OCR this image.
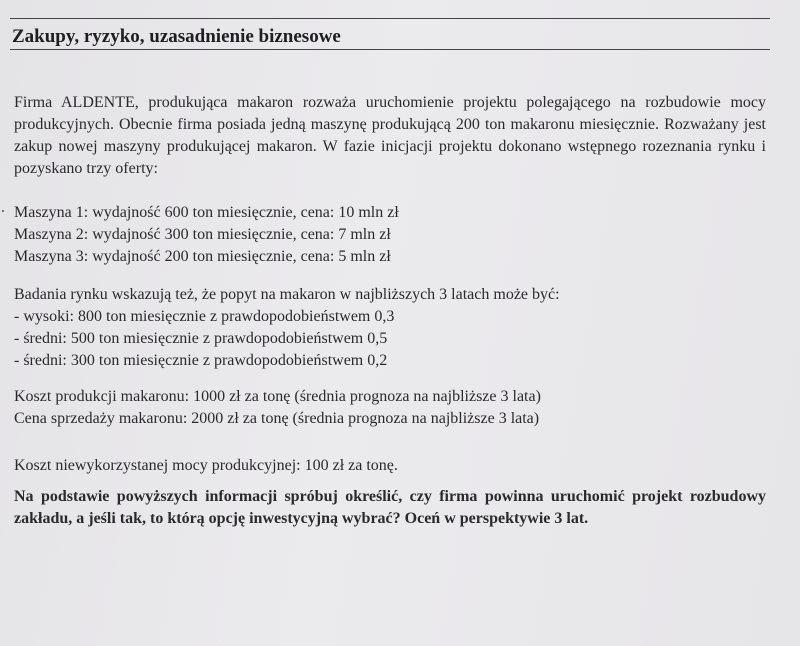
Zakupy, ryzyko, uzasadnienie biznesowe

Firma ALDENTE, produkująca makaron rozważa uruchomienie projektu polegającego na rozbudowie mocy produkcyjnych. Obecnie firma posiada jedną maszynę produkującą 200 ton makaronu miesięcznie. Rozważany jest zakup nowej maszyny produkującej makaron. W fazie inicjacji projektu dokonano wstępnego rozeznania rynku i pozyskano trzy oferty:

Maszyna 1: wydajność 600 ton miesięcznie, cena: 10 mln zł
Maszyna 2: wydajność 300 ton miesięcznie, cena: 7 mln zł
Maszyna 3: wydajność 200 ton miesięcznie, cena: 5 mln zł
Badania rynku wskazują też, że popyt na makaron w najbliższych 3 latach może być:
- wysoki: 800 ton miesięcznie z prawdopodobieństwem 0,3
- średni: 500 ton miesięcznie z prawdopodobieństwem 0,5
- średni: 300 ton miesięcznie z prawdopodobieństwem 0,2
Koszt produkcji makaronu: 1000 zł za tonę (średnia prognoza na najbliższe 3 lata)
Cena sprzedaży makaronu: 2000 zł za tonę (średnia prognoza na najbliższe 3 lata)

Koszt niewykorzystanej mocy produkcyjnej: 100 zł za tonę.

Na podstawie powyższych informacji spróbuj określić, czy firma powinna uruchomić projekt rozbudowy zakładu, a jeśli tak, to którą opcję inwestycyjną wybrać? Oceń w perspektywie 3 lat.
